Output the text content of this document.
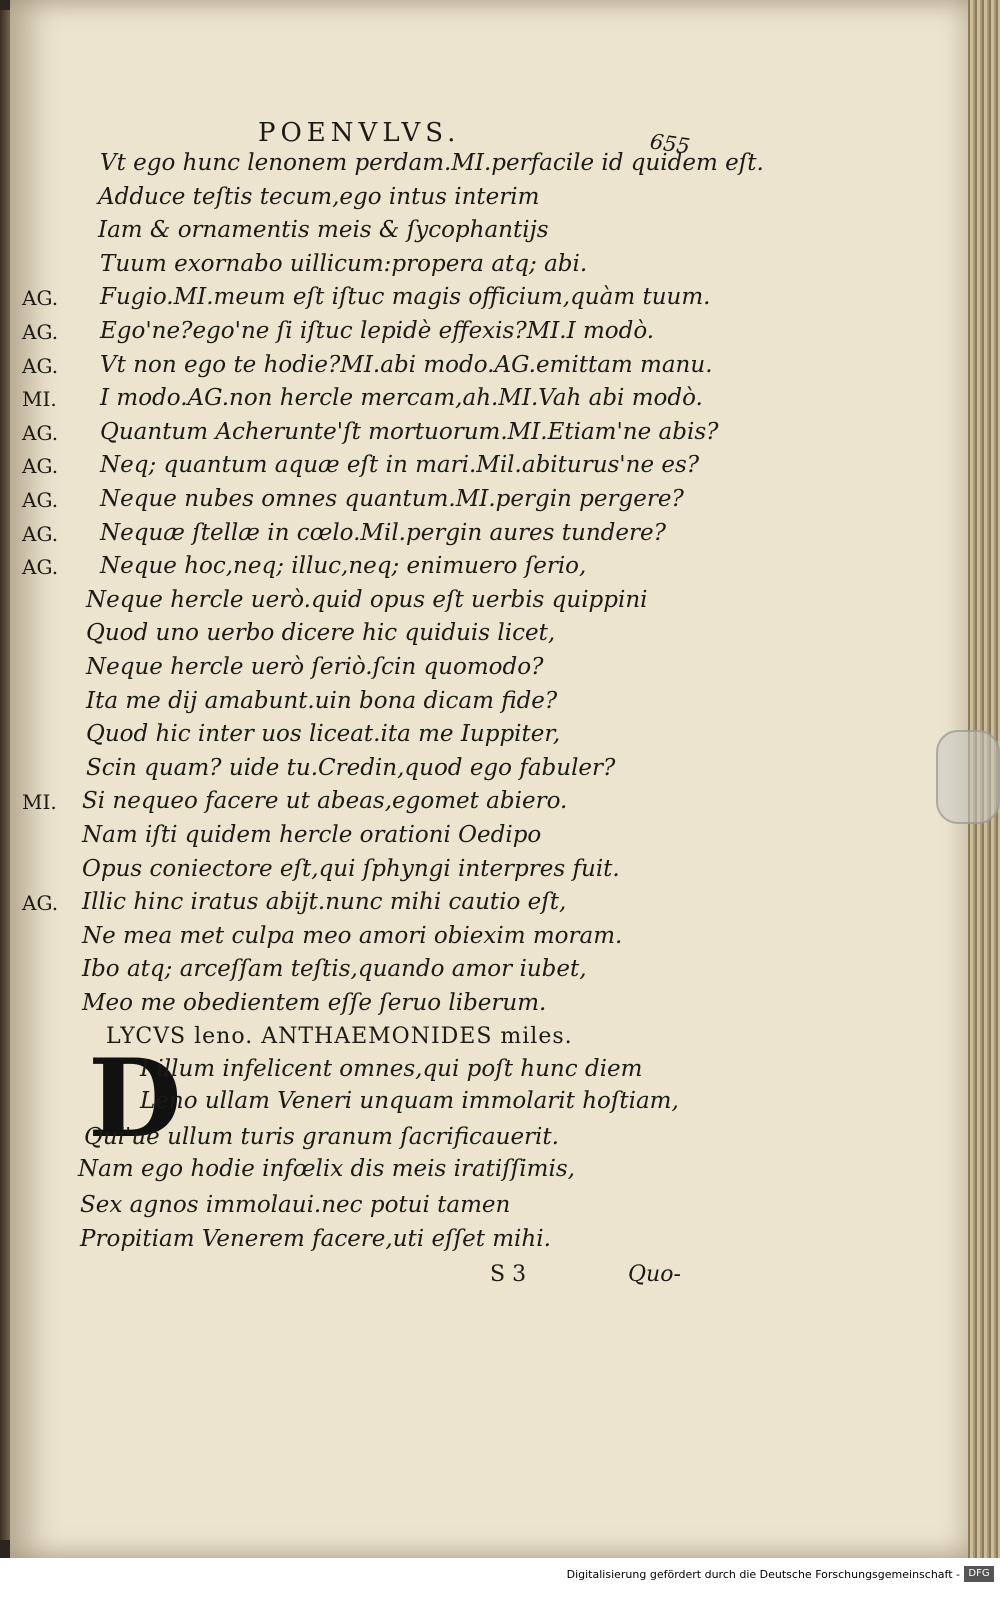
POENVLVS.	655
Vt ego hunc lenonem perdam.MI.perfacile id quidem eſt.
Adduce teſtis tecum,ego intus interim
Iam & ornamentis meis & ſycophantijs
Tuum exornabo uillicum:propera atq; abi.
AG. Fugio.MI.meum eſt iſtuc magis officium,quàm tuum.
AG. Ego'ne?ego'ne ſi iſtuc lepidè effexis?MI.I modò.
AG. Vt non ego te hodie?MI.abi modo.AG.emittam manu.
MI. I modo.AG.non hercle mercam,ah.MI.Vah abi modò.
AG. Quantum Acherunte'ſt mortuorum.MI.Etiam'ne abis?
AG. Neq; quantum aquæ eſt in mari.Mil.abiturus'ne es?
AG. Neque nubes omnes quantum.MI.pergin pergere?
AG. Nequæ ſtellæ in cœlo.Mil.pergin aures tundere?
AG. Neque hoc,neq; illuc,neq; enimuero ſerio,
Neque hercle uerò.quid opus eſt uerbis quippini
Quod uno uerbo dicere hic quiduis licet,
Neque hercle uerò ſeriò.ſcin quomodo?
Ita me dij amabunt.uin bona dicam fide?
Quod hic inter uos liceat.ita me Iuppiter,
Scin quam? uide tu.Credin,quod ego fabuler?
MI. Si nequeo facere ut abeas,egomet abiero.
Nam iſti quidem hercle orationi Oedipo
Opus coniectore eſt,qui ſphyngi interpres fuit.
AG. Illic hinc iratus abijt.nunc mihi cautio eſt,
Ne mea met culpa meo amori obiexim moram.
Ibo atq; arceſſam teſtis,quando amor iubet,
Meo me obedientem eſſe ſeruo liberum.
LYCVS leno. ANTHAEMONIDES miles.
D
I illum infelicent omnes,qui poſt hunc diem
Leno ullam Veneri unquam immolarit hoſtiam,
Qui'ue ullum turis granum ſacrificauerit.
Nam ego hodie infœlix dis meis iratiſſimis,
Sex agnos immolaui.nec potui tamen
Propitiam Venerem facere,uti eſſet mihi.
S 3	Quo-
Digitalisierung gefördert durch die Deutsche Forschungsgemeinschaft - DFG
